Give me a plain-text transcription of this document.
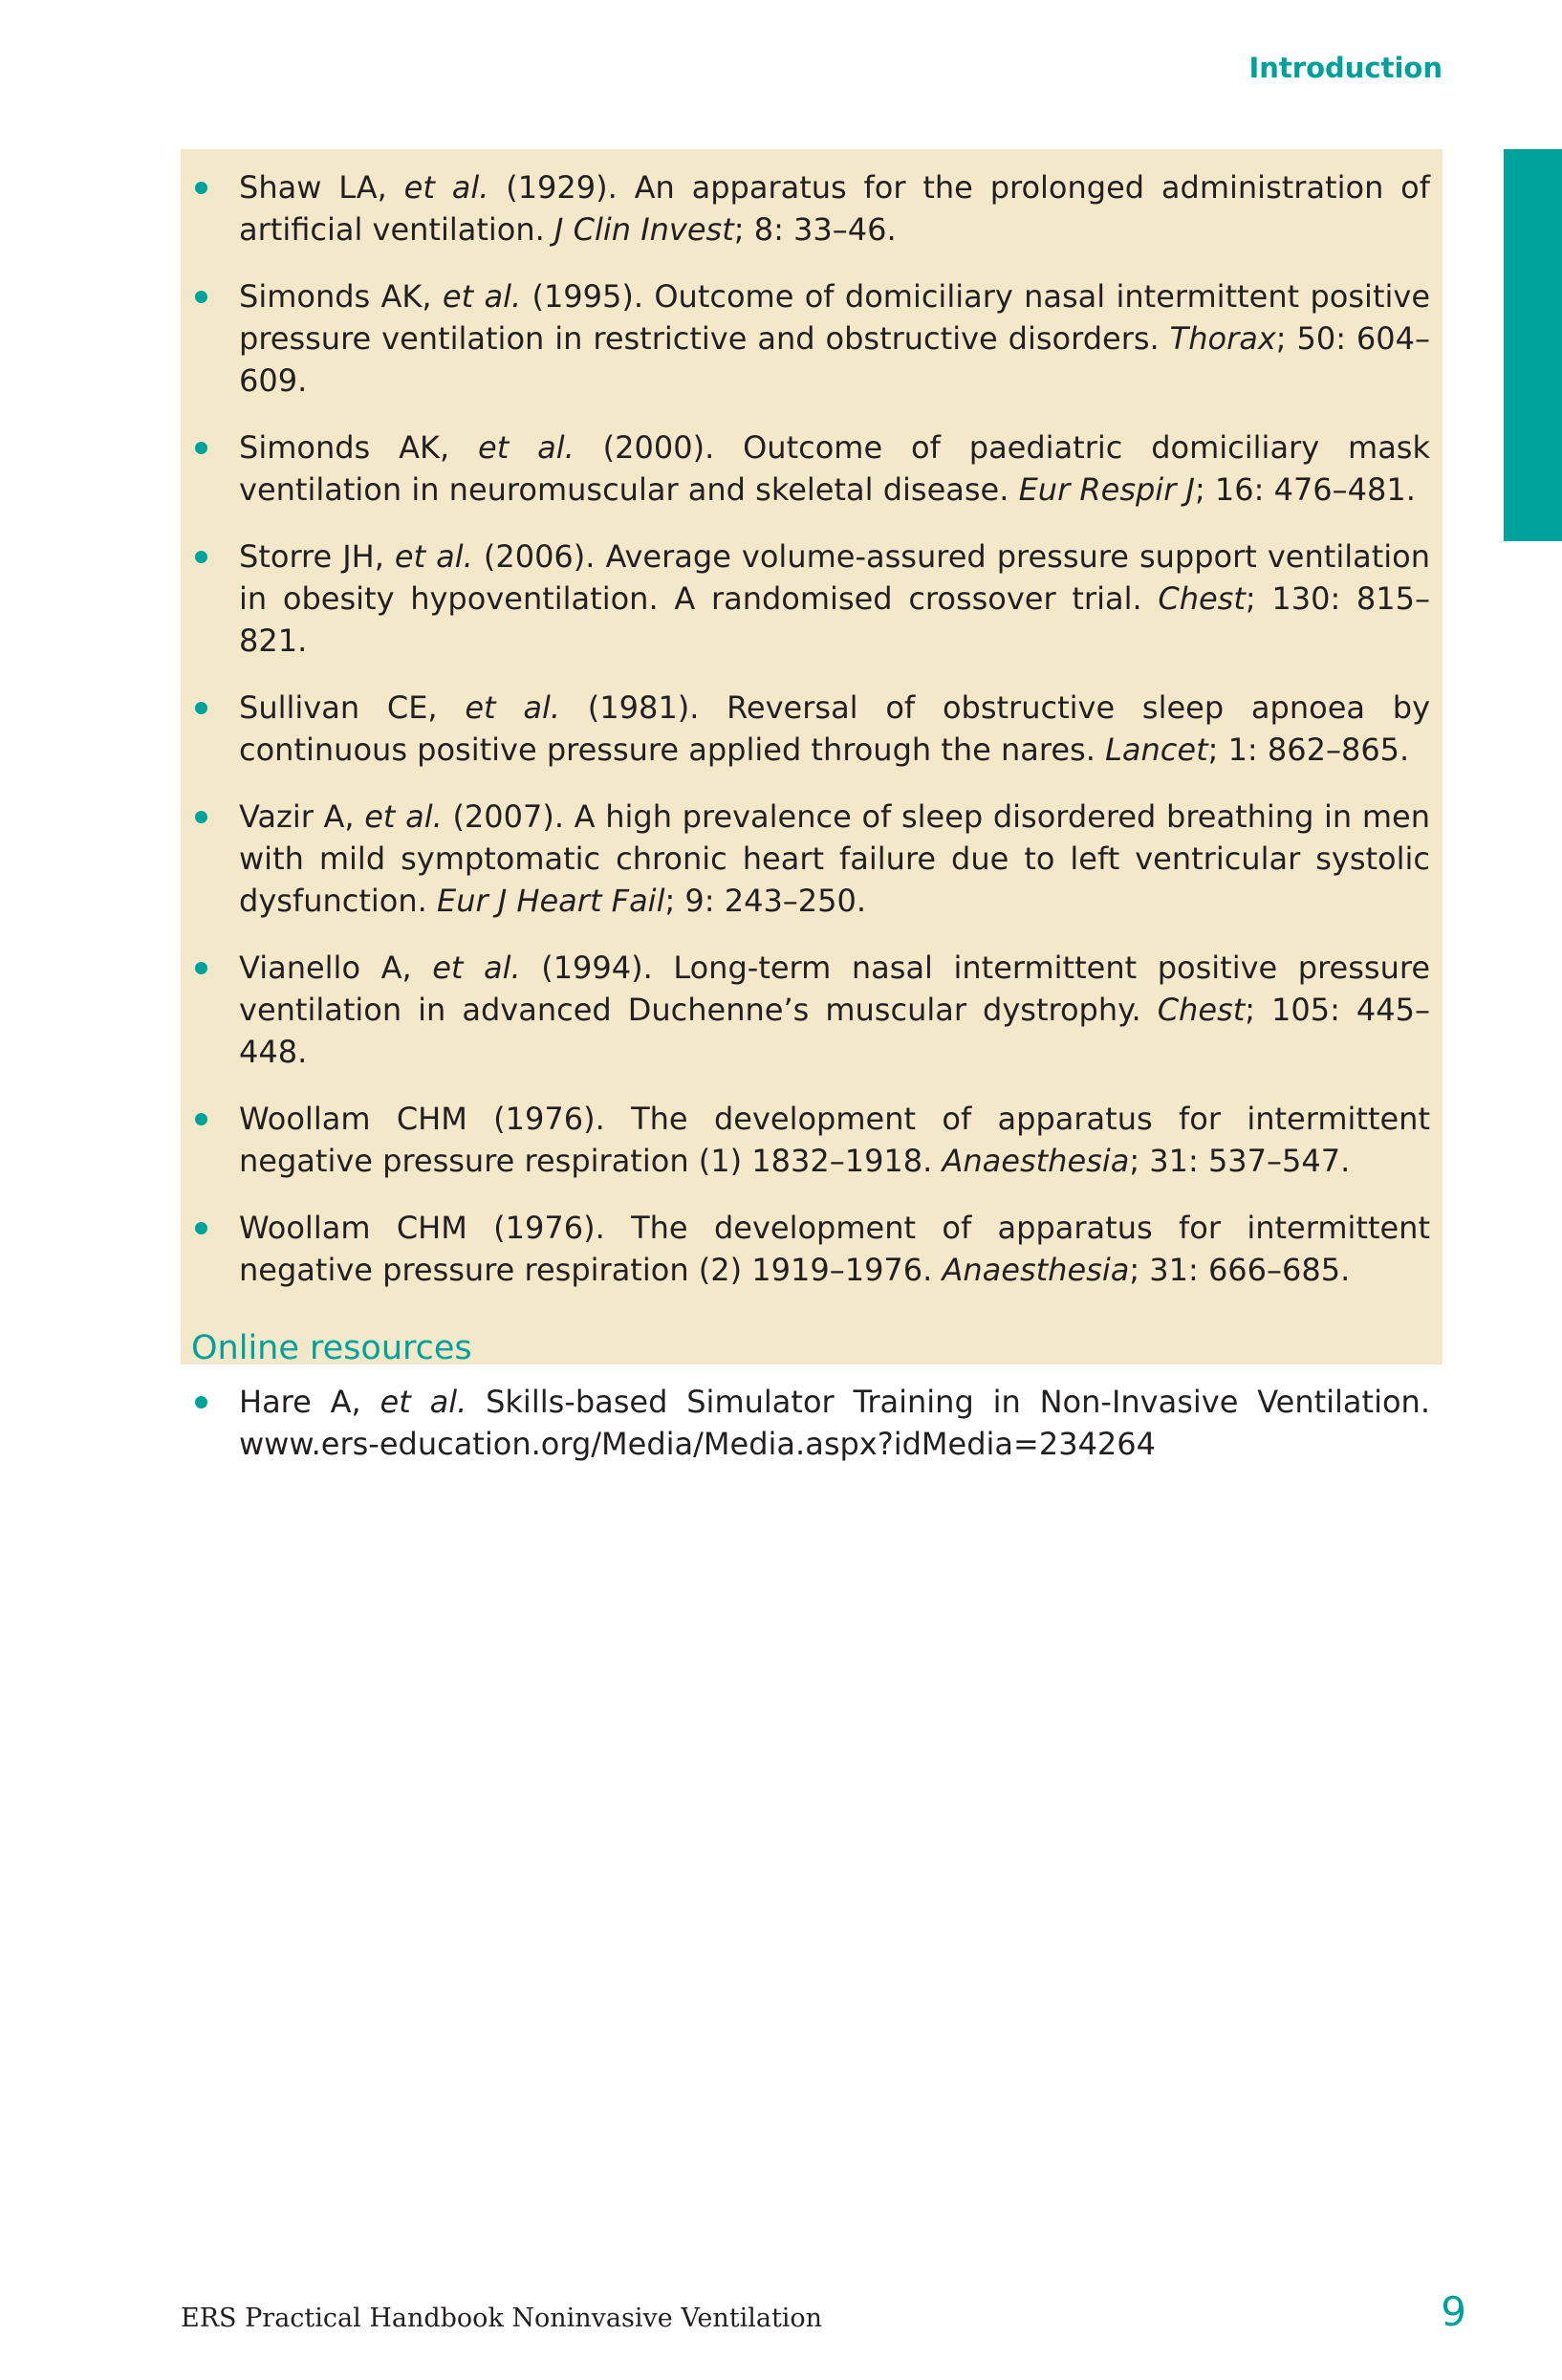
Introduction
Shaw LA, et al. (1929). An apparatus for the prolonged administration of artificial ventilation. J Clin Invest; 8: 33–46.
Simonds AK, et al. (1995). Outcome of domiciliary nasal intermittent positive pressure ventilation in restrictive and obstructive disorders. Thorax; 50: 604–609.
Simonds AK, et al. (2000). Outcome of paediatric domiciliary mask ventilation in neuromuscular and skeletal disease. Eur Respir J; 16: 476–481.
Storre JH, et al. (2006). Average volume-assured pressure support ventilation in obesity hypoventilation. A randomised crossover trial. Chest; 130: 815–821.
Sullivan CE, et al. (1981). Reversal of obstructive sleep apnoea by continuous positive pressure applied through the nares. Lancet; 1: 862–865.
Vazir A, et al. (2007). A high prevalence of sleep disordered breathing in men with mild symptomatic chronic heart failure due to left ventricular systolic dysfunction. Eur J Heart Fail; 9: 243–250.
Vianello A, et al. (1994). Long-term nasal intermittent positive pressure ventilation in advanced Duchenne’s muscular dystrophy. Chest; 105: 445–448.
Woollam CHM (1976). The development of apparatus for intermittent negative pressure respiration (1) 1832–1918. Anaesthesia; 31: 537–547.
Woollam CHM (1976). The development of apparatus for intermittent negative pressure respiration (2) 1919–1976. Anaesthesia; 31: 666–685.
Online resources
Hare A, et al. Skills-based Simulator Training in Non-Invasive Ventilation. www.ers-education.org/Media/Media.aspx?idMedia=234264
ERS Practical Handbook Noninvasive Ventilation	9
